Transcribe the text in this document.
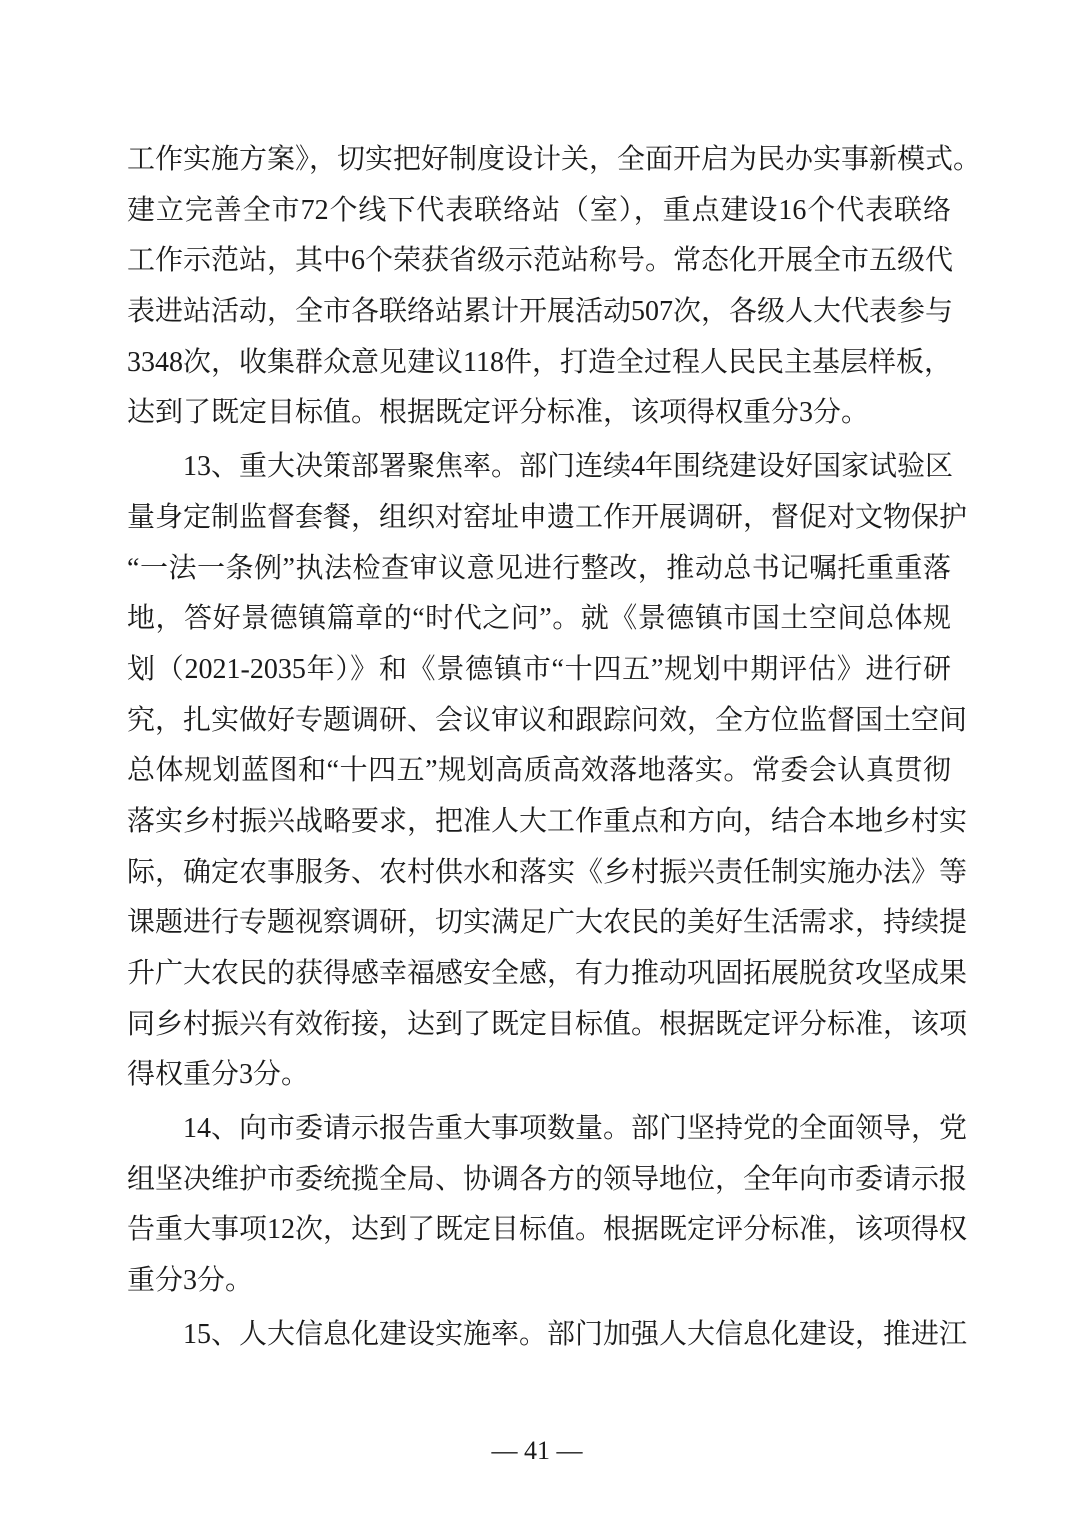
工作实施方案》，切实把好制度设计关，全面开启为民办实事新模式。
建立完善全市72个线下代表联络站（室），重点建设16个代表联络
工作示范站，其中6个荣获省级示范站称号。常态化开展全市五级代
表进站活动，全市各联络站累计开展活动507次，各级人大代表参与
3348次，收集群众意见建议118件，打造全过程人民民主基层样板，
达到了既定目标值。根据既定评分标准，该项得权重分3分。
13、重大决策部署聚焦率。部门连续4年围绕建设好国家试验区
量身定制监督套餐，组织对窑址申遗工作开展调研，督促对文物保护
“一法一条例”执法检查审议意见进行整改，推动总书记嘱托重重落
地，答好景德镇篇章的“时代之问”。就《景德镇市国土空间总体规
划（2021-2035年）》和《景德镇市“十四五”规划中期评估》进行研
究，扎实做好专题调研、会议审议和跟踪问效，全方位监督国土空间
总体规划蓝图和“十四五”规划高质高效落地落实。常委会认真贯彻
落实乡村振兴战略要求，把准人大工作重点和方向，结合本地乡村实
际，确定农事服务、农村供水和落实《乡村振兴责任制实施办法》等
课题进行专题视察调研，切实满足广大农民的美好生活需求，持续提
升广大农民的获得感幸福感安全感，有力推动巩固拓展脱贫攻坚成果
同乡村振兴有效衔接，达到了既定目标值。根据既定评分标准，该项
得权重分3分。
14、向市委请示报告重大事项数量。部门坚持党的全面领导，党
组坚决维护市委统揽全局、协调各方的领导地位，全年向市委请示报
告重大事项12次，达到了既定目标值。根据既定评分标准，该项得权
重分3分。
15、人大信息化建设实施率。部门加强人大信息化建设，推进江
— 41 —
